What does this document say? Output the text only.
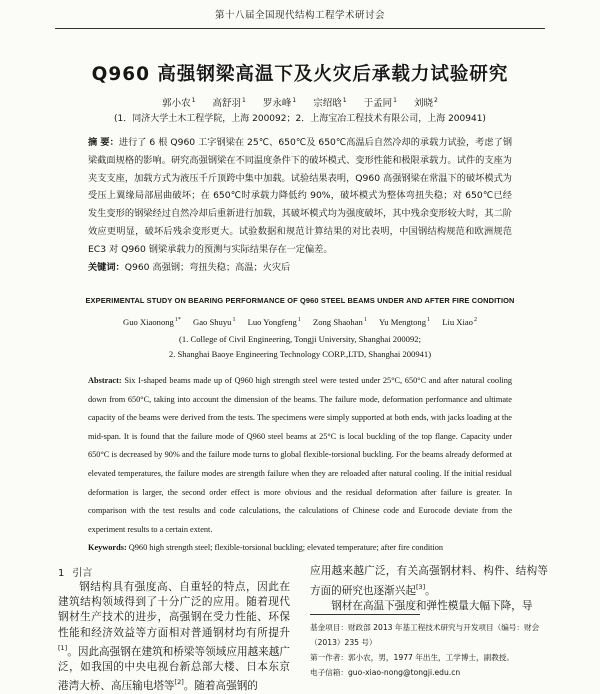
第十八届全国现代结构工程学术研讨会
Q960 高强钢梁高温下及火灾后承载力试验研究
郭小农$^1$ 高舒羽$^1$ 罗永峰$^1$ 宗绍晗$^1$ 于孟同$^1$ 刘晓$^2$
(1．同济大学土木工程学院，上海 200092；2．上海宝冶工程技术有限公司，上海 200941)

摘 要：进行了 6 根 Q960 工字钢梁在 25℃、650℃及 650℃高温后自然冷却的承载力试验，考虑了钢梁截面规格的影响。研究高强钢梁在不同温度条件下的破坏模式、变形性能和极限承载力。试件的支座为夹支支座，加载方式为液压千斤顶跨中集中加载。试验结果表明，Q960 高强钢梁在常温下的破坏模式为受压上翼缘局部屈曲破坏；在 650℃时承载力降低约 90%，破坏模式为整体弯扭失稳；对 650℃已经发生变形的钢梁经过自然冷却后重新进行加载，其破坏模式均为强度破坏，其中残余变形较大时，其二阶效应更明显，破坏后残余变形更大。试验数据和规范计算结果的对比表明，中国钢结构规范和欧洲规范 EC3 对 Q960 钢梁承载力的预测与实际结果存在一定偏差。

关键词：Q960 高强钢；弯扭失稳；高温；火灾后

EXPERIMENTAL STUDY ON BEARING PERFORMANCE OF Q960 STEEL BEAMS UNDER AND AFTER FIRE CONDITION
Guo Xiaonong$^{1*}$ Gao Shuyu$^1$ Luo Yongfeng$^1$ Zong Shaohan$^1$ Yu Mengtong$^1$ Liu Xiao$^2$
(1. College of Civil Engineering, Tongji University, Shanghai 200092;
2. Shanghai Baoye Engineering Technology CORP.,LTD, Shanghai 200941)

Abstract: Six I-shaped beams made up of Q960 high strength steel were tested under 25°C, 650°C and after natural cooling down from 650°C, taking into account the dimension of the beams. The failure mode, deformation performance and ultimate capacity of the beams were derived from the tests. The specimens were simply supported at both ends, with jacks loading at the mid-span. It is found that the failure mode of Q960 steel beams at 25°C is local buckling of the top flange. Capacity under 650°C is decreased by 90% and the failure mode turns to global flexible-torsional buckling. For the beams already deformed at elevated temperatures, the failure modes are strength failure when they are reloaded after natural cooling. If the initial residual deformation is larger, the second order effect is more obvious and the residual deformation after failure is greater. In comparison with the test results and code calculations, the calculations of Chinese code and Eurocode deviate from the experiment results to a certain extent.

Keywords: Q960 high strength steel; flexible-torsional buckling; elevated temperature; after fire condition

1 引言
钢结构具有强度高、自重轻的特点，因此在建筑结构领域得到了十分广泛的应用。随着现代钢材生产技术的进步，高强钢在受力性能、环保性能和经济效益等方面相对普通钢材均有所提升[1]。因此高强钢在建筑和桥梁等领域应用越来越广泛，如我国的中央电视台新总部大楼、日本东京港湾大桥、高压输电塔等[2]。随着高强钢的

应用越来越广泛，有关高强钢材料、构件、结构等方面的研究也逐渐兴起[3]。

钢材在高温下强度和弹性模量大幅下降，导

基金项目：财政部 2013 年基工程技术研究与开发项目（编号：财会（2013）235 号）
第一作者：郭小农，男，1977 年出生，工学博士，副教授。
电子信箱：guo-xiao-nong@tongji.edu.cn
